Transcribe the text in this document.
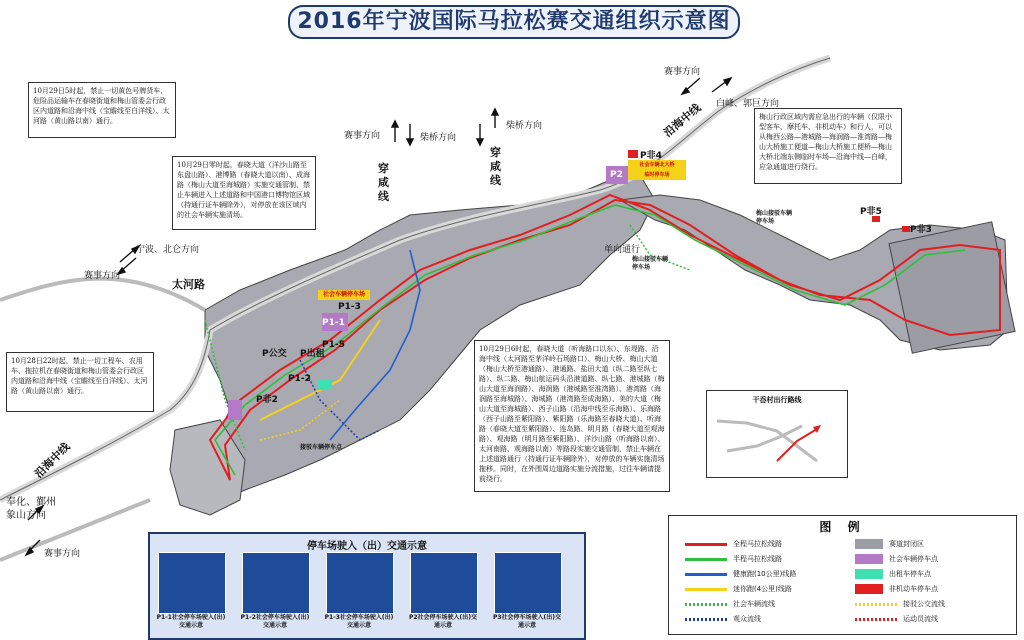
2016年宁波国际马拉松赛交通组织示意图
10月29日5时起，禁止一切黄色号牌货车、危险品运输车在春晓街道和梅山管委会行政区内道路和沿海中线（宝瞻线至白洋线）、太河路（黄山路以南）通行。
10月29日零时起，春晓大道（洋沙山路至东盘山路）、港博路（春晓大道以南）、成海路（梅山大道至海城路）实施交通管制，禁止车辆进入上述道路和中国港口博物馆区域（持通行证车辆除外），对停放在该区域内的社会车辆实施清场。
10月28日22时起，禁止一切工程车、农用车、拖拉机在春晓街道和梅山管委会行政区内道路和沿海中线（宝瞻线至白洋线）、太河路（黄山路以南）通行。
梅山行政区域内需应急出行的车辆（仅限小型客车、摩托车、非机动车）和行人，可以从梅西公路—港城路—海润路—淮湾路—梅山大桥施工便道—梅山大桥施工便桥—梅山大桥北端东侧临时车场—沿海中线—白峰，应急通道进行绕行。
10月29日6时起，春晓大道（听海路口以东）、东堤路、沿海中线（太河路至茅洋岭石场路口）、梅山大桥、梅山大道（梅山大桥至港通路）、港通路、盐田大道（纵二路至纵七路）、纵二路、梅山航运码头沿港道路、纵七路、港城路（梅山大道至海润路）、海润路（港城路至淮湾路）、港湾路（海润路至海城路）、海城路（港湾路至成海路）、美的大道（梅山大道至海城路）、西子山路（沿海中线至乐海路）、乐海路（西子山路至紫阳路）、紫阳路（乐海路至春晓大道）、听海路（春晓大道至紫阳路）、连岛路、明月路（春晓大道至观海路）、观海路（明月路至紫阳路）、洋沙山路（听海路以南）、太河南路、观海路以南）等路段实施交通管制，禁止车辆在上述道路通行（持通行证车辆除外），对停放的车辆实施清场拖移。同时，在外围周边道路实施分流措施，过往车辆请提前绕行。
赛事方向
白峰、郭巨方向
宁波、北仑方向
赛事方向
赛事方向	柴桥方向
柴桥方向
奉化、鄞州
象山方向
赛事方向
单向通行
太河路
穿
咸
线
穿
咸
线
沿海中线
沿海中线
P1-3
P1-1
P1-5
P公交 P出租
P非2
P1-2
P2
P非4
P非5
P非3
社会车辆停车场
社会车辆北大桥
临时停车场
梅山接驳车辆
停车场
梅山接驳车辆
停车场
接驳车辆停车点
干岙村出行路线
停车场驶入（出）交通示意
P1-1社会停车场驶入(出)交通示意
P1-2社会停车场驶入(出)交通示意
P1-3社会停车场驶入(出)交通示意
P2社会停车场驶入(出)交通示意
P3社会停车场驶入(出)交通示意
图 例
全程马拉松线路
半程马拉松线路
健康跑(10公里)线路
迷你跑(4公里)线路
社会车辆流线
观众流线
赛道封闭区
社会车辆停车点
出租车停车点
非机动车停车点
接驳公交流线
运动员流线
